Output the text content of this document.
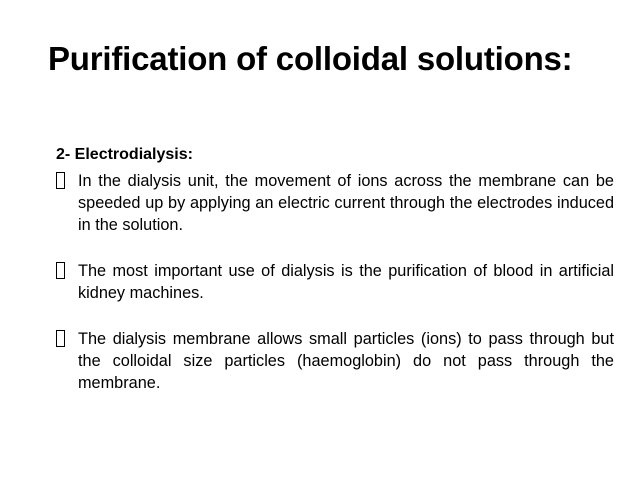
Purification of colloidal solutions:
2- Electrodialysis:
In the dialysis unit, the movement of ions across the membrane can be speeded up by applying an electric current through the electrodes induced in the solution.
The most important use of dialysis is the purification of blood in artificial kidney machines.
The dialysis membrane allows small particles (ions) to pass through but the colloidal size particles (haemoglobin) do not pass through the membrane.
